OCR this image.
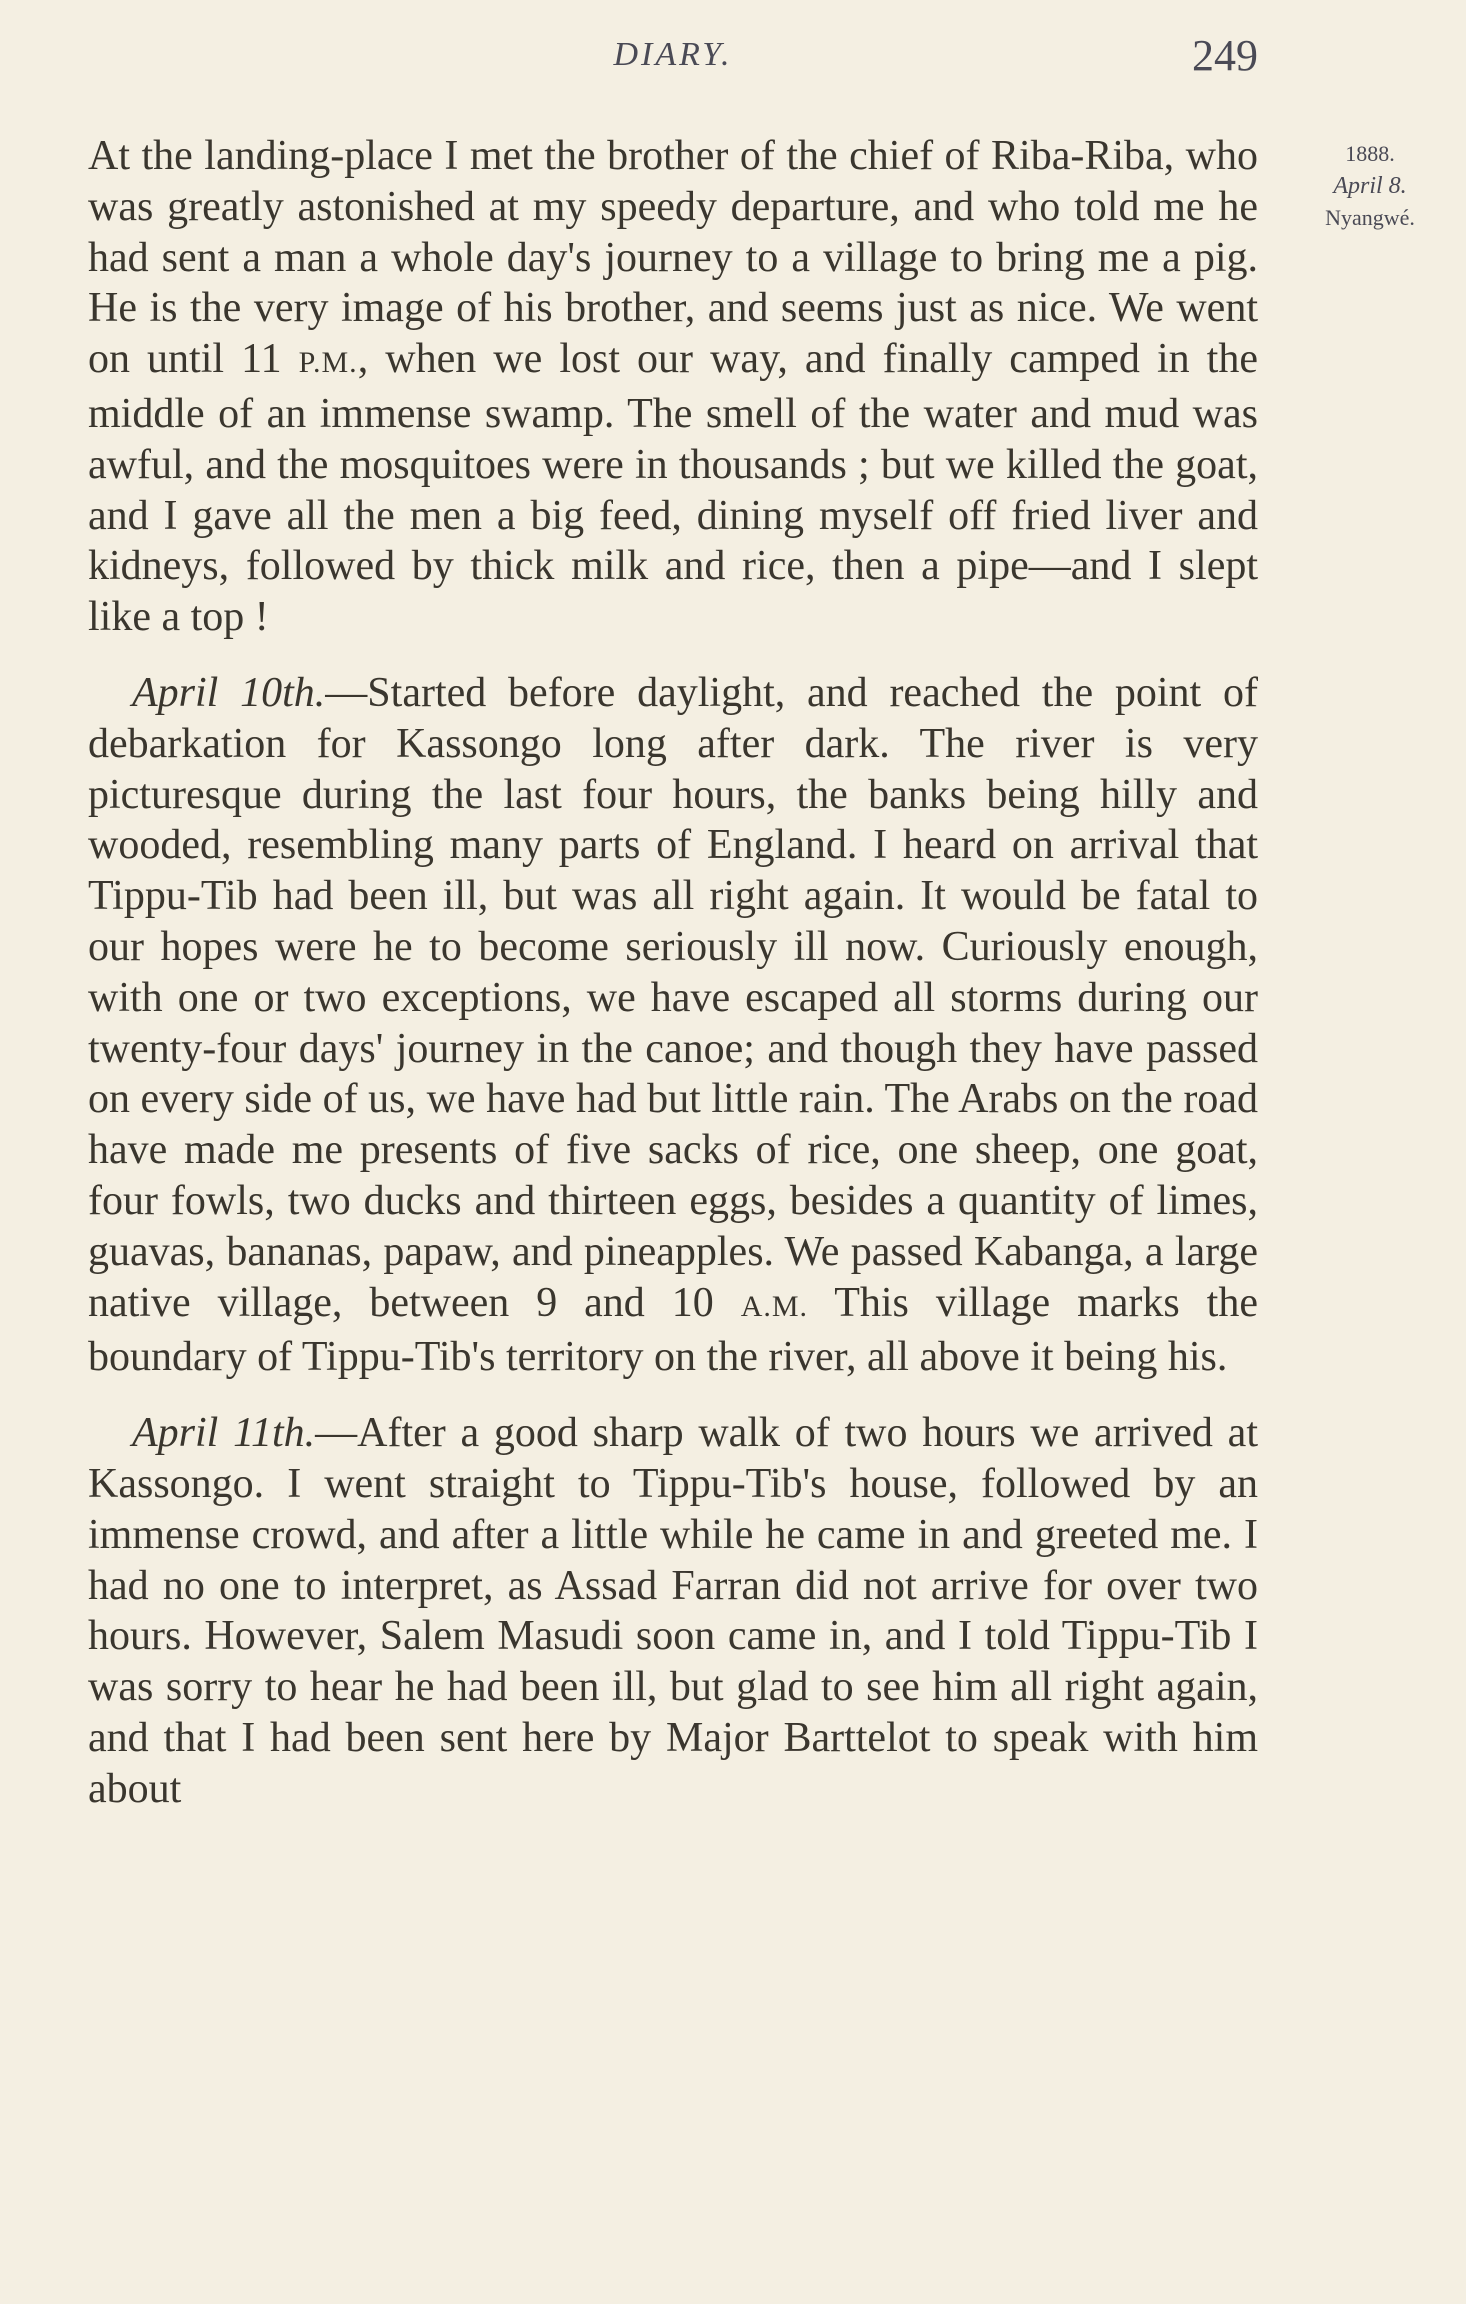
DIARY.	249
1888.
April 8.
Nyangwé.

At the landing-place I met the brother of the chief of Riba-Riba, who was greatly astonished at my speedy departure, and who told me he had sent a man a whole day's journey to a village to bring me a pig. He is the very image of his brother, and seems just as nice. We went on until 11 P.M., when we lost our way, and finally camped in the middle of an immense swamp. The smell of the water and mud was awful, and the mosquitoes were in thousands ; but we killed the goat, and I gave all the men a big feed, dining myself off fried liver and kidneys, followed by thick milk and rice, then a pipe—and I slept like a top !

April 10th.—Started before daylight, and reached the point of debarkation for Kassongo long after dark. The river is very picturesque during the last four hours, the banks being hilly and wooded, resembling many parts of England. I heard on arrival that Tippu-Tib had been ill, but was all right again. It would be fatal to our hopes were he to become seriously ill now. Curiously enough, with one or two exceptions, we have escaped all storms during our twenty-four days' journey in the canoe; and though they have passed on every side of us, we have had but little rain. The Arabs on the road have made me presents of five sacks of rice, one sheep, one goat, four fowls, two ducks and thirteen eggs, besides a quantity of limes, guavas, bananas, papaw, and pineapples. We passed Kabanga, a large native village, between 9 and 10 A.M. This village marks the boundary of Tippu-Tib's territory on the river, all above it being his.

April 11th.—After a good sharp walk of two hours we arrived at Kassongo. I went straight to Tippu-Tib's house, followed by an immense crowd, and after a little while he came in and greeted me. I had no one to interpret, as Assad Farran did not arrive for over two hours. However, Salem Masudi soon came in, and I told Tippu-Tib I was sorry to hear he had been ill, but glad to see him all right again, and that I had been sent here by Major Barttelot to speak with him about
